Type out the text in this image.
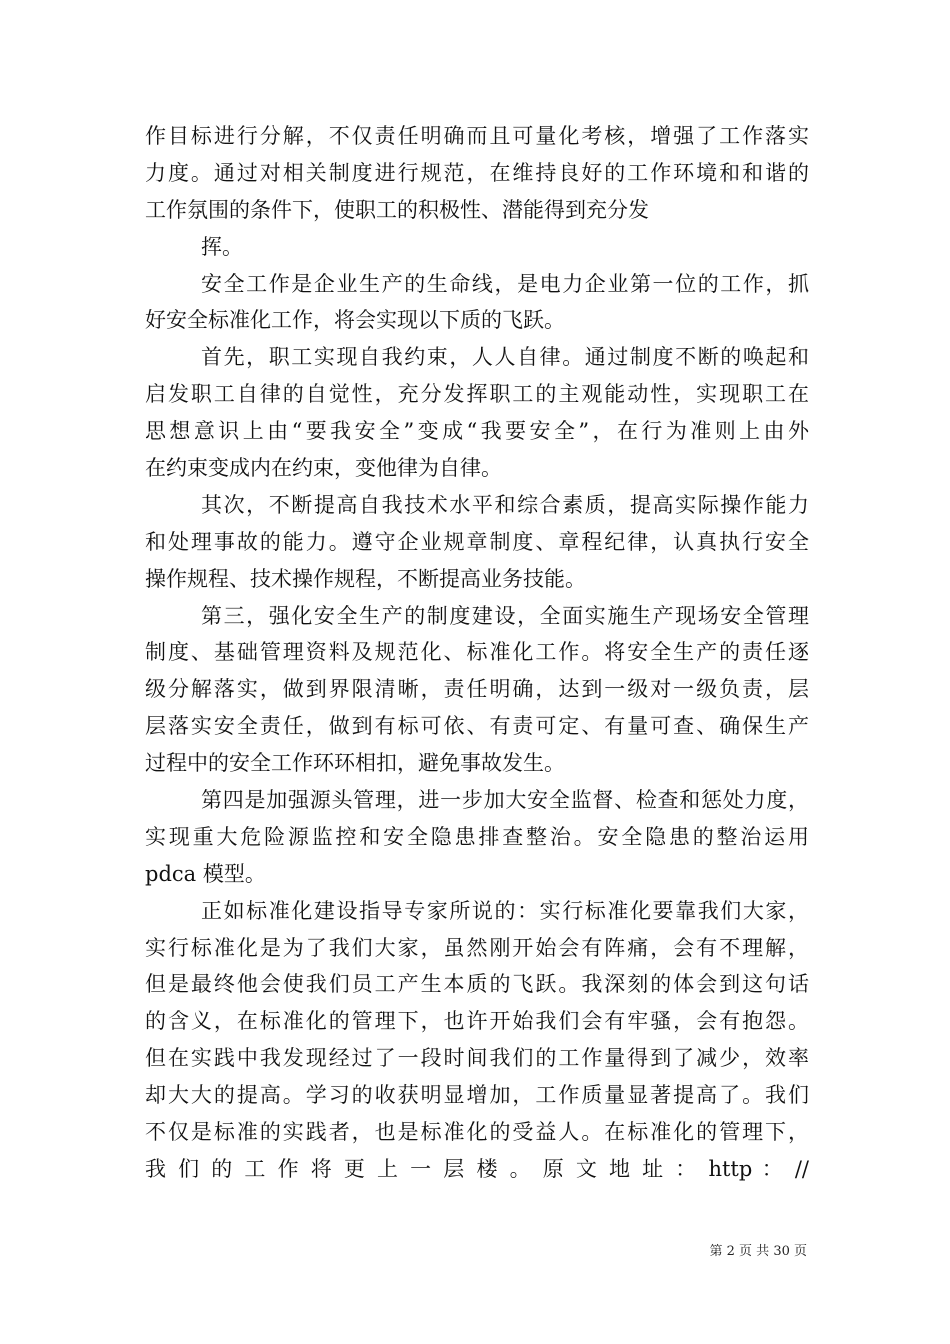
作目标进行分解，不仅责任明确而且可量化考核，增强了工作落实
力度。通过对相关制度进行规范，在维持良好的工作环境和和谐的
工作氛围的条件下，使职工的积极性、潜能得到充分发
挥。
安全工作是企业生产的生命线，是电力企业第一位的工作，抓
好安全标准化工作，将会实现以下质的飞跃。
首先，职工实现自我约束，人人自律。通过制度不断的唤起和
启发职工自律的自觉性，充分发挥职工的主观能动性，实现职工在
思想意识上由“要我安全”变成“我要安全”，在行为准则上由外
在约束变成内在约束，变他律为自律。
其次，不断提高自我技术水平和综合素质，提高实际操作能力
和处理事故的能力。遵守企业规章制度、章程纪律，认真执行安全
操作规程、技术操作规程，不断提高业务技能。
第三，强化安全生产的制度建设，全面实施生产现场安全管理
制度、基础管理资料及规范化、标准化工作。将安全生产的责任逐
级分解落实，做到界限清晰，责任明确，达到一级对一级负责，层
层落实安全责任，做到有标可依、有责可定、有量可查、确保生产
过程中的安全工作环环相扣，避免事故发生。
第四是加强源头管理，进一步加大安全监督、检查和惩处力度，
实现重大危险源监控和安全隐患排查整治。安全隐患的整治运用
pdca 模型。
正如标准化建设指导专家所说的：实行标准化要靠我们大家，
实行标准化是为了我们大家，虽然刚开始会有阵痛，会有不理解，
但是最终他会使我们员工产生本质的飞跃。我深刻的体会到这句话
的含义，在标准化的管理下，也许开始我们会有牢骚，会有抱怨。
但在实践中我发现经过了一段时间我们的工作量得到了减少，效率
却大大的提高。学习的收获明显增加，工作质量显著提高了。我们
不仅是标准的实践者，也是标准化的受益人。在标准化的管理下，
我 们 的 工 作 将 更 上 一 层 楼 。 原 文 地 址 ： http ： //
第 2 页 共 30 页
